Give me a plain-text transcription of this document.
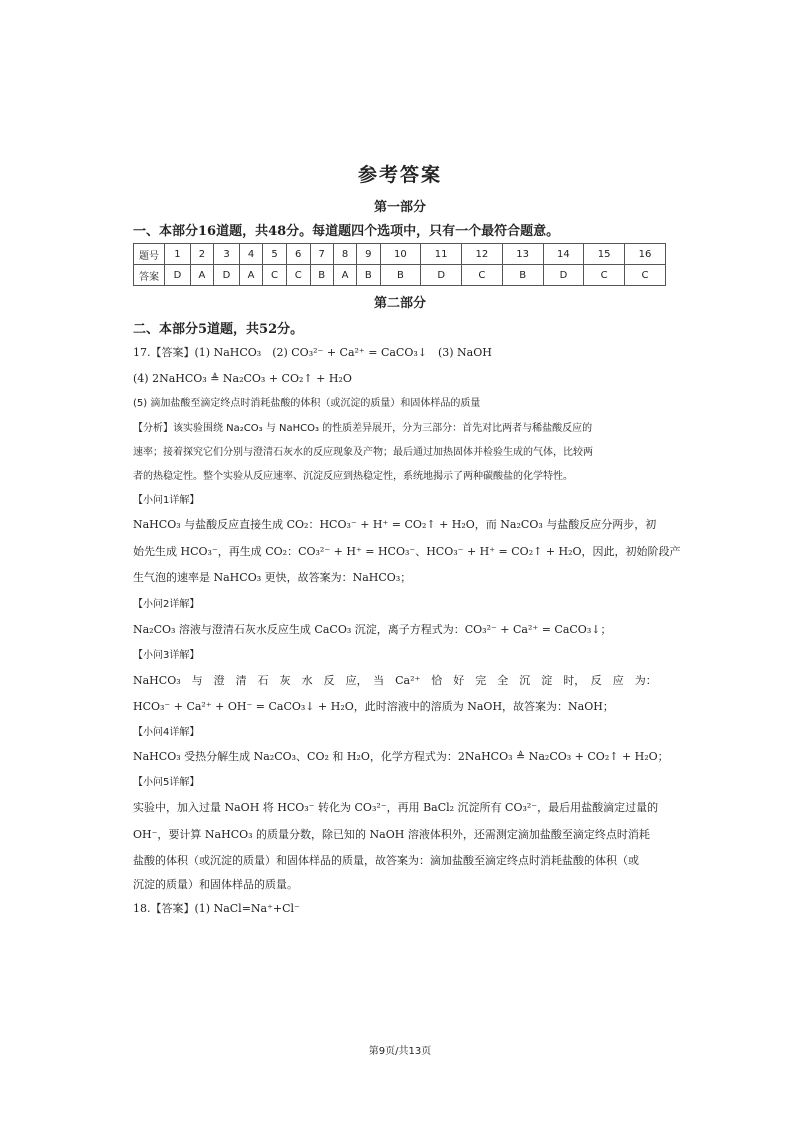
参考答案
第一部分
一、本部分16道题，共48分。每道题四个选项中，只有一个最符合题意。
题号	1	2	3	4	5	6	7	8	9	10	11	12	13	14	15	16
答案	D	A	D	A	C	C	B	A	B	B	D	C	B	D	C	C
第二部分
二、本部分5道题，共52分。
17.【答案】(1) NaHCO₃　(2) CO₃²⁻ + Ca²⁺ = CaCO₃↓　(3) NaOH
(4) 2NaHCO₃ ≜ Na₂CO₃ + CO₂↑ + H₂O
(5) 滴加盐酸至滴定终点时消耗盐酸的体积（或沉淀的质量）和固体样品的质量
【分析】该实验围绕 Na₂CO₃ 与 NaHCO₃ 的性质差异展开，分为三部分：首先对比两者与稀盐酸反应的
速率；接着探究它们分别与澄清石灰水的反应现象及产物；最后通过加热固体并检验生成的气体，比较两
者的热稳定性。整个实验从反应速率、沉淀反应到热稳定性，系统地揭示了两种碳酸盐的化学特性。
【小问1详解】
NaHCO₃ 与盐酸反应直接生成 CO₂：HCO₃⁻ + H⁺ = CO₂↑ + H₂O，而 Na₂CO₃ 与盐酸反应分两步，初
始先生成 HCO₃⁻，再生成 CO₂：CO₃²⁻ + H⁺ = HCO₃⁻、HCO₃⁻ + H⁺ = CO₂↑ + H₂O，因此，初始阶段产
生气泡的速率是 NaHCO₃ 更快，故答案为：NaHCO₃；
【小问2详解】
Na₂CO₃ 溶液与澄清石灰水反应生成 CaCO₃ 沉淀，离子方程式为：CO₃²⁻ + Ca²⁺ = CaCO₃↓；
【小问3详解】
NaHCO₃　与　澄　清　石　灰　水　反　应，　当　Ca²⁺　恰　好　完　全　沉　淀　时，　反　应　为：
HCO₃⁻ + Ca²⁺ + OH⁻ = CaCO₃↓ + H₂O，此时溶液中的溶质为 NaOH，故答案为：NaOH；
【小问4详解】
NaHCO₃ 受热分解生成 Na₂CO₃、CO₂ 和 H₂O，化学方程式为：2NaHCO₃ ≜ Na₂CO₃ + CO₂↑ + H₂O；
【小问5详解】
实验中，加入过量 NaOH 将 HCO₃⁻ 转化为 CO₃²⁻，再用 BaCl₂ 沉淀所有 CO₃²⁻，最后用盐酸滴定过量的
OH⁻，要计算 NaHCO₃ 的质量分数，除已知的 NaOH 溶液体积外，还需测定滴加盐酸至滴定终点时消耗
盐酸的体积（或沉淀的质量）和固体样品的质量，故答案为：滴加盐酸至滴定终点时消耗盐酸的体积（或
沉淀的质量）和固体样品的质量。
18.【答案】(1) NaCl=Na⁺+Cl⁻
第9页/共13页
